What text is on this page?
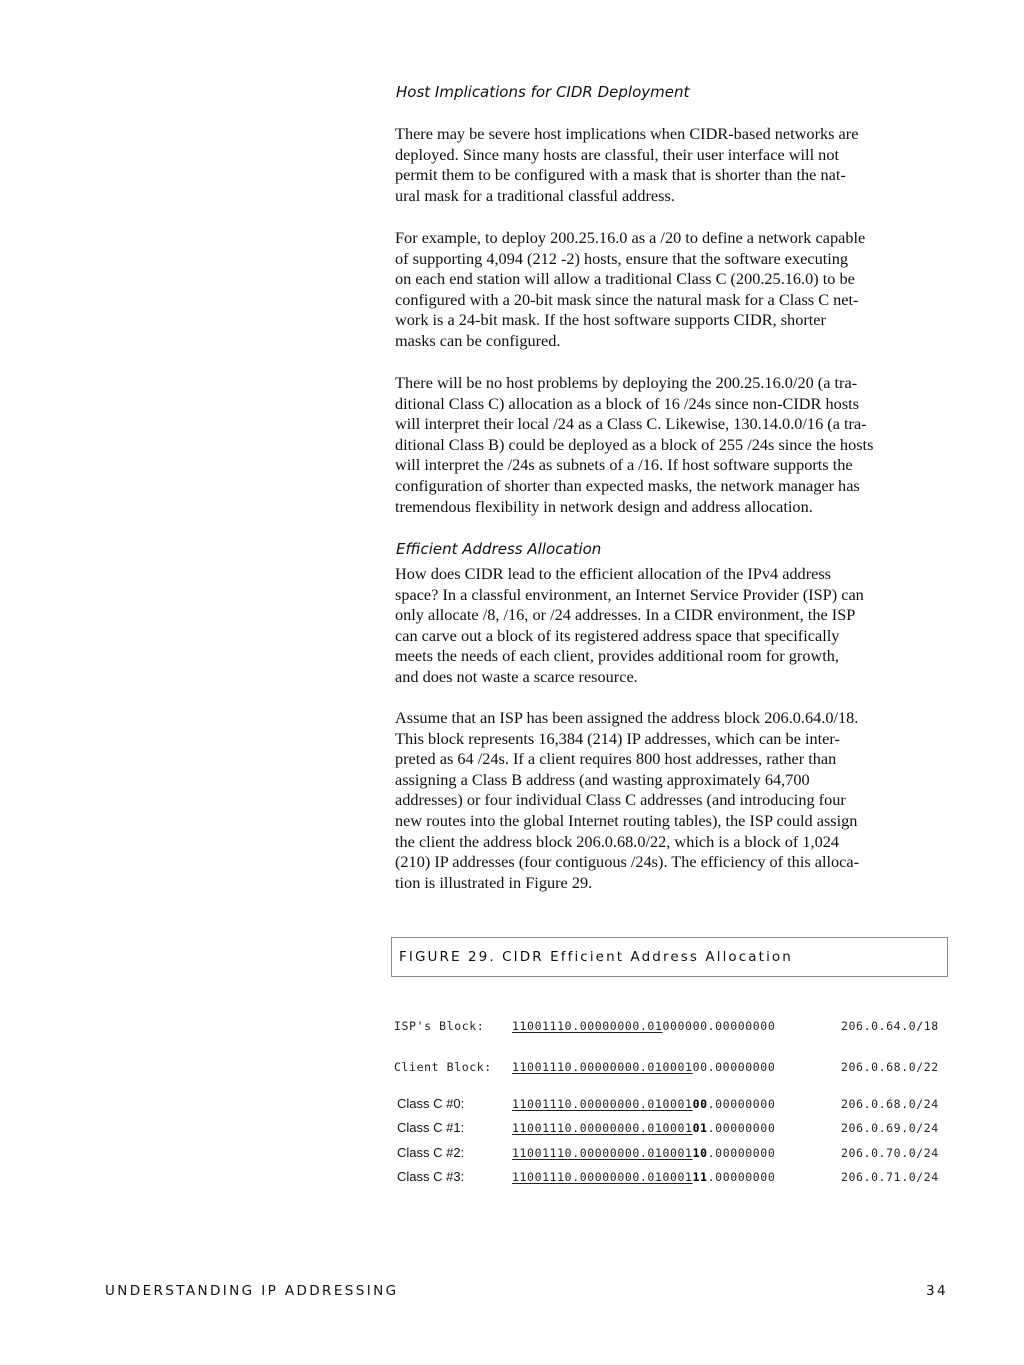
Host Implications for CIDR Deployment

There may be severe host implications when CIDR-based networks are
deployed. Since many hosts are classful, their user interface will not
permit them to be configured with a mask that is shorter than the nat-
ural mask for a traditional classful address.

For example, to deploy 200.25.16.0 as a /20 to define a network capable
of supporting 4,094 (212 -2) hosts, ensure that the software executing
on each end station will allow a traditional Class C (200.25.16.0) to be
configured with a 20-bit mask since the natural mask for a Class C net-
work is a 24-bit mask. If the host software supports CIDR, shorter
masks can be configured.

There will be no host problems by deploying the 200.25.16.0/20 (a tra-
ditional Class C) allocation as a block of 16 /24s since non-CIDR hosts
will interpret their local /24 as a Class C. Likewise, 130.14.0.0/16 (a tra-
ditional Class B) could be deployed as a block of 255 /24s since the hosts
will interpret the /24s as subnets of a /16. If host software supports the
configuration of shorter than expected masks, the network manager has
tremendous flexibility in network design and address allocation.

Efficient Address Allocation

How does CIDR lead to the efficient allocation of the IPv4 address
space? In a classful environment, an Internet Service Provider (ISP) can
only allocate /8, /16, or /24 addresses. In a CIDR environment, the ISP
can carve out a block of its registered address space that specifically
meets the needs of each client, provides additional room for growth,
and does not waste a scarce resource.

Assume that an ISP has been assigned the address block 206.0.64.0/18.
This block represents 16,384 (214) IP addresses, which can be inter-
preted as 64 /24s. If a client requires 800 host addresses, rather than
assigning a Class B address (and wasting approximately 64,700
addresses) or four individual Class C addresses (and introducing four
new routes into the global Internet routing tables), the ISP could assign
the client the address block 206.0.68.0/22, which is a block of 1,024
(210) IP addresses (four contiguous /24s). The efficiency of this alloca-
tion is illustrated in Figure 29.

FIGURE 29. CIDR Efficient Address Allocation
ISP's Block: 11001110.00000000.01000000.00000000	206.0.64.0/18
Client Block: 11001110.00000000.01000100.00000000	206.0.68.0/22
Class C #0:	11001110.00000000.01000100.00000000	206.0.68.0/24
Class C #1:	11001110.00000000.01000101.00000000	206.0.69.0/24
Class C #2:	11001110.00000000.01000110.00000000	206.0.70.0/24
Class C #3:	11001110.00000000.01000111.00000000	206.0.71.0/24
UNDERSTANDING IP ADDRESSING	34
